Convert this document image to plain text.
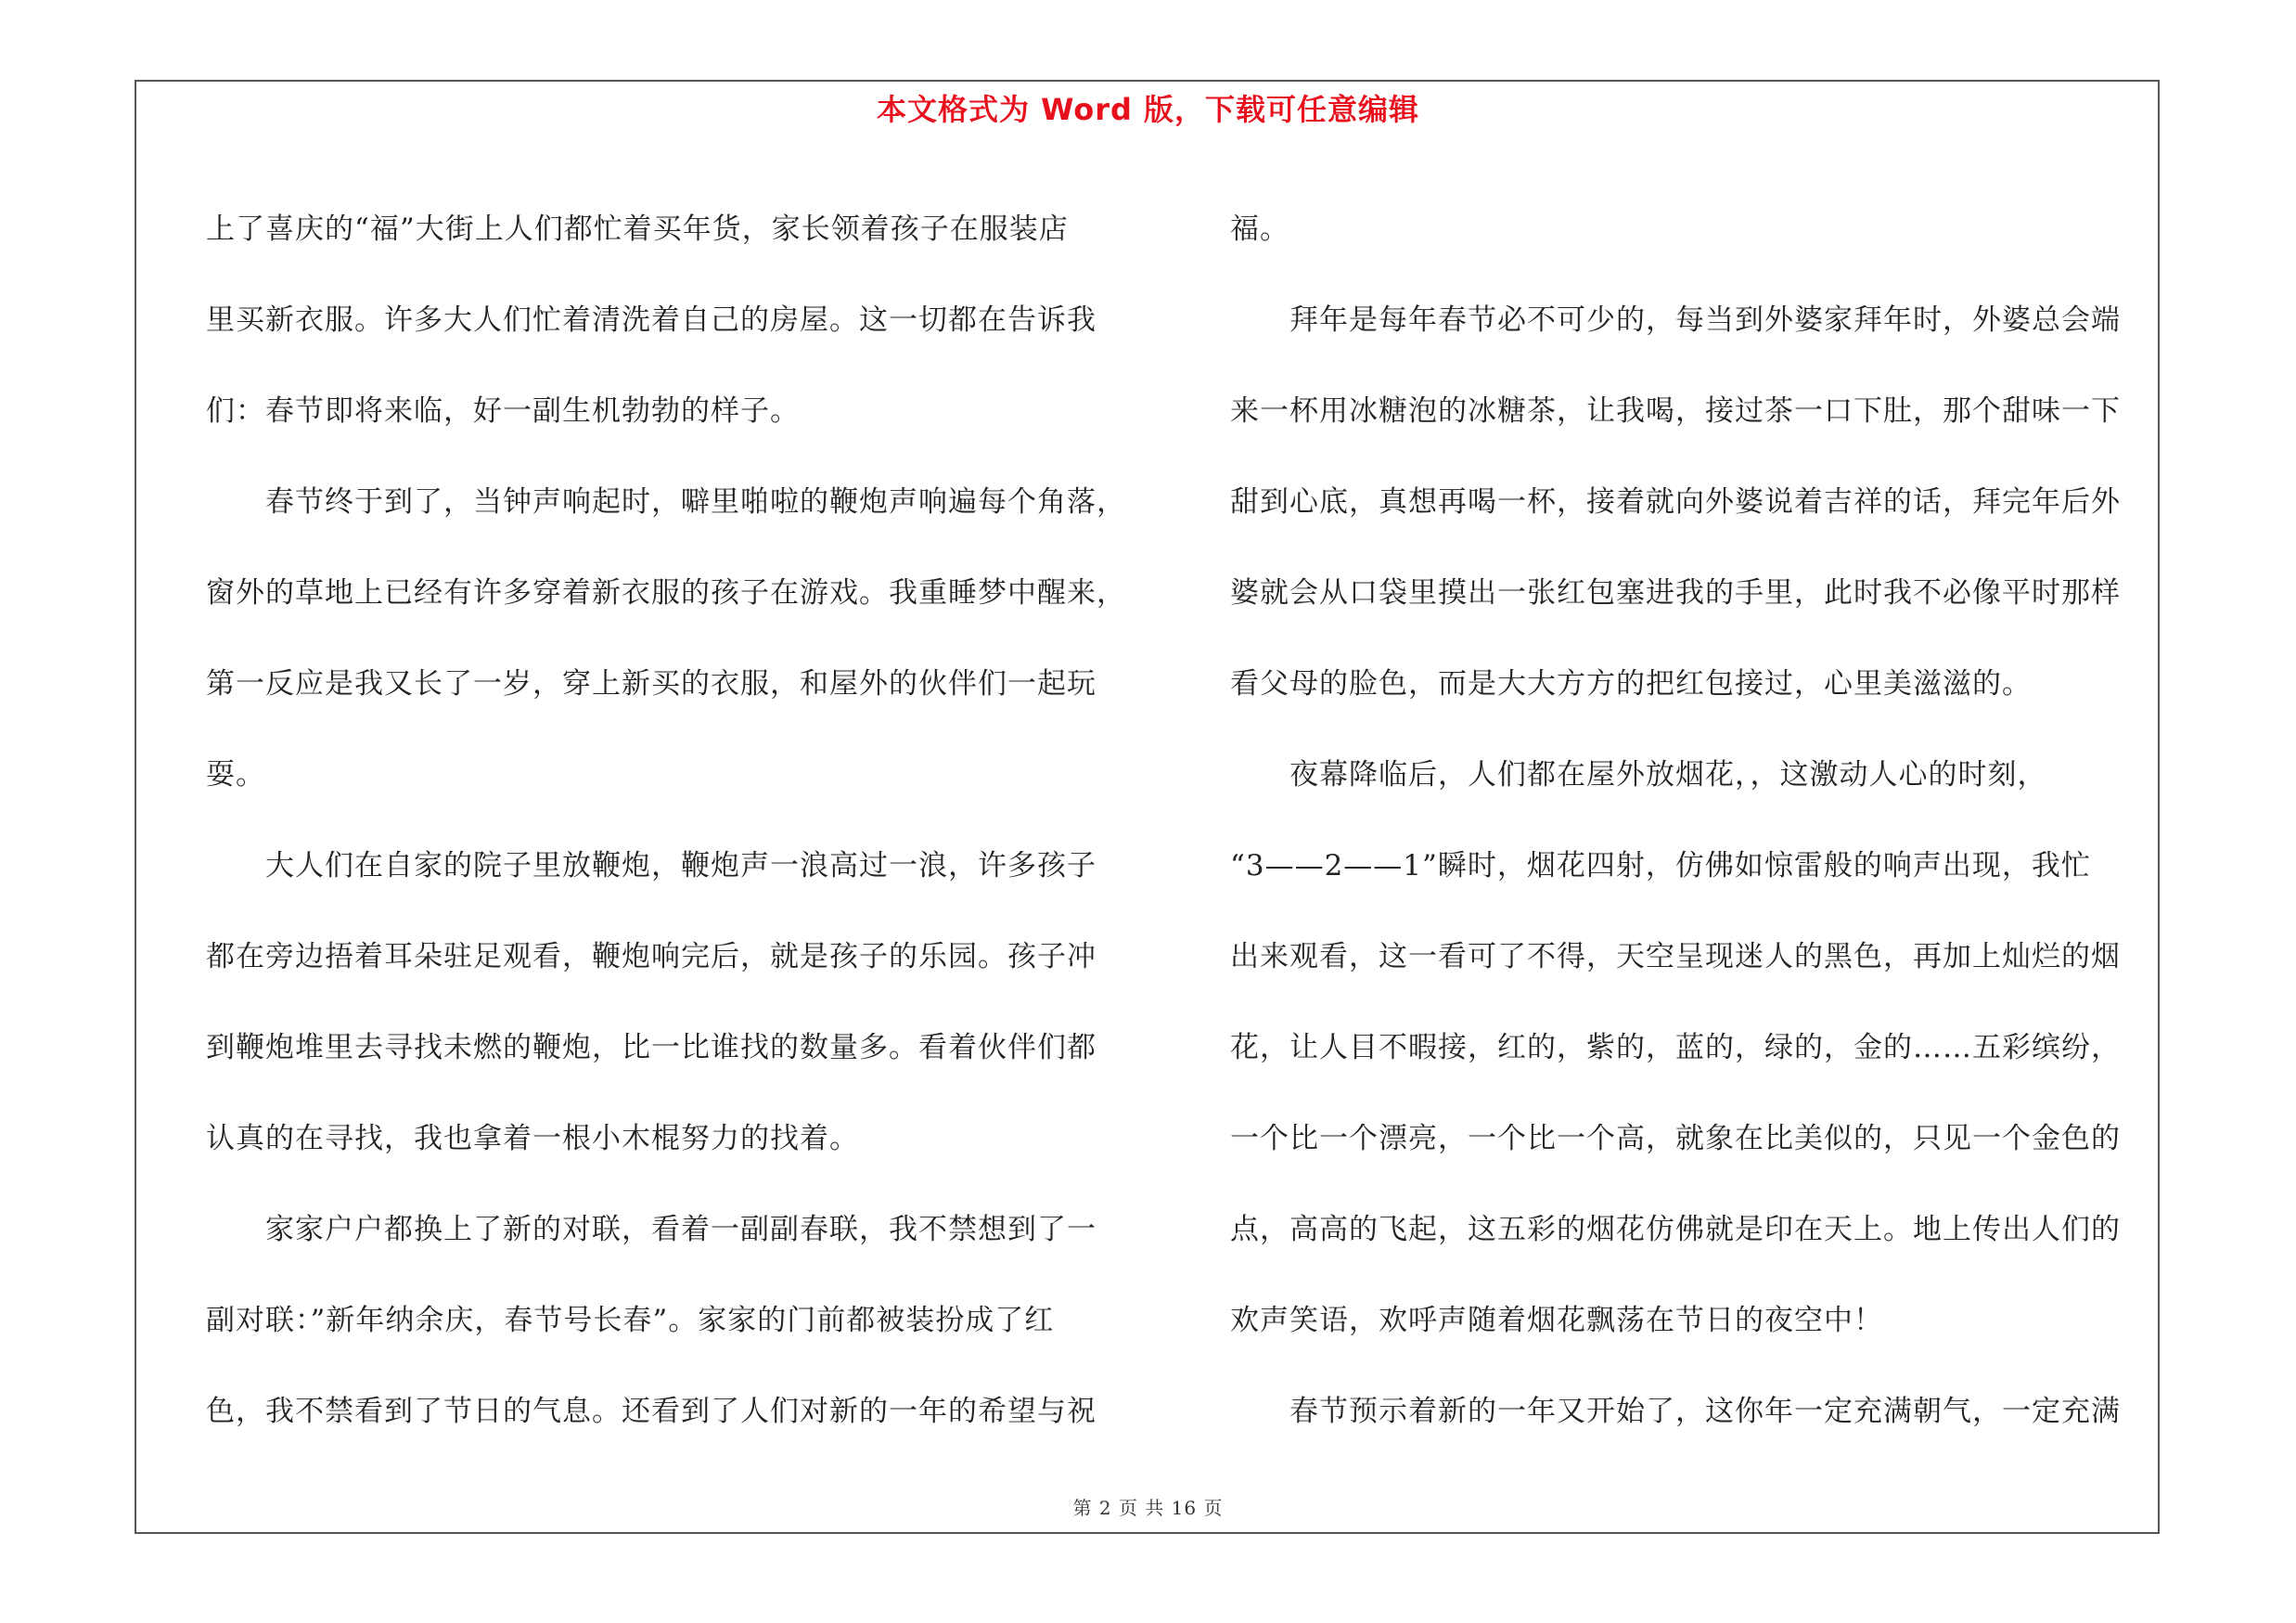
本文格式为 Word 版，下载可任意编辑
上了喜庆的“福”大街上人们都忙着买年货，家长领着孩子在服装店
里买新衣服。许多大人们忙着清洗着自己的房屋。这一切都在告诉我
们：春节即将来临，好一副生机勃勃的样子。
　　春节终于到了，当钟声响起时，噼里啪啦的鞭炮声响遍每个角落，
窗外的草地上已经有许多穿着新衣服的孩子在游戏。我重睡梦中醒来，
第一反应是我又长了一岁，穿上新买的衣服，和屋外的伙伴们一起玩
耍。
　　大人们在自家的院子里放鞭炮，鞭炮声一浪高过一浪，许多孩子
都在旁边捂着耳朵驻足观看，鞭炮响完后，就是孩子的乐园。孩子冲
到鞭炮堆里去寻找未燃的鞭炮，比一比谁找的数量多。看着伙伴们都
认真的在寻找，我也拿着一根小木棍努力的找着。
　　家家户户都换上了新的对联，看着一副副春联，我不禁想到了一
副对联：”新年纳余庆，春节号长春”。家家的门前都被装扮成了红
色，我不禁看到了节日的气息。还看到了人们对新的一年的希望与祝
福。
　　拜年是每年春节必不可少的，每当到外婆家拜年时，外婆总会端
来一杯用冰糖泡的冰糖茶，让我喝，接过茶一口下肚，那个甜味一下
甜到心底，真想再喝一杯，接着就向外婆说着吉祥的话，拜完年后外
婆就会从口袋里摸出一张红包塞进我的手里，此时我不必像平时那样
看父母的脸色，而是大大方方的把红包接过，心里美滋滋的。
　　夜幕降临后，人们都在屋外放烟花，，这激动人心的时刻，
“3——2——1”瞬时，烟花四射，仿佛如惊雷般的响声出现，我忙
出来观看，这一看可了不得，天空呈现迷人的黑色，再加上灿烂的烟
花，让人目不暇接，红的，紫的，蓝的，绿的，金的……五彩缤纷，
一个比一个漂亮，一个比一个高，就象在比美似的，只见一个金色的
点，高高的飞起，这五彩的烟花仿佛就是印在天上。地上传出人们的
欢声笑语，欢呼声随着烟花飘荡在节日的夜空中！
　　春节预示着新的一年又开始了，这你年一定充满朝气，一定充满
第 2 页 共 16 页
